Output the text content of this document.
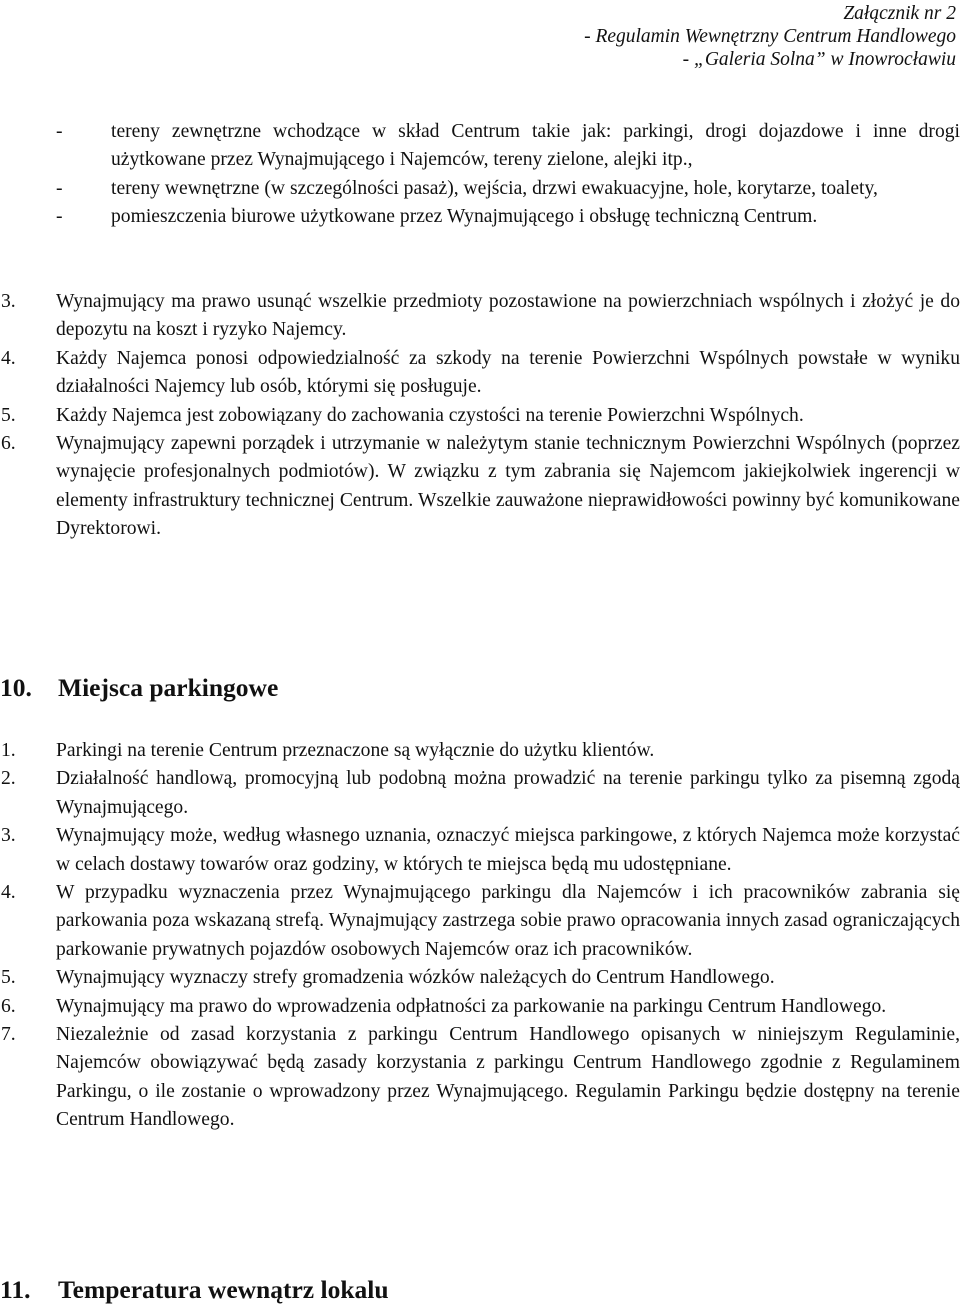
Załącznik nr 2
- Regulamin Wewnętrzny Centrum Handlowego
- „Galeria Solna” w Inowrocławiu
-	tereny zewnętrzne wchodzące w skład Centrum takie jak: parkingi, drogi dojazdowe i inne drogi użytkowane przez Wynajmującego i Najemców, tereny zielone, alejki itp.,
-	tereny wewnętrzne (w szczególności pasaż), wejścia, drzwi ewakuacyjne, hole, korytarze, toalety,
-	pomieszczenia biurowe użytkowane przez Wynajmującego i obsługę techniczną Centrum.
3.	Wynajmujący ma prawo usunąć wszelkie przedmioty pozostawione na powierzchniach wspólnych i złożyć je do depozytu na koszt i ryzyko Najemcy.
4.	Każdy Najemca ponosi odpowiedzialność za szkody na terenie Powierzchni Wspólnych powstałe w wyniku działalności Najemcy lub osób, którymi się posługuje.
5.	Każdy Najemca jest zobowiązany do zachowania czystości na terenie Powierzchni Wspólnych.
6.	Wynajmujący zapewni porządek i utrzymanie w należytym stanie technicznym Powierzchni Wspólnych (poprzez wynajęcie profesjonalnych podmiotów). W związku z tym zabrania się Najemcom jakiejkolwiek ingerencji w elementy infrastruktury technicznej Centrum. Wszelkie zauważone nieprawidłowości powinny być komunikowane Dyrektorowi.
10. Miejsca parkingowe
1.	Parkingi na terenie Centrum przeznaczone są wyłącznie do użytku klientów.
2.	Działalność handlową, promocyjną lub podobną można prowadzić na terenie parkingu tylko za pisemną zgodą Wynajmującego.
3.	Wynajmujący może, według własnego uznania, oznaczyć miejsca parkingowe, z których Najemca może korzystać w celach dostawy towarów oraz godziny, w których te miejsca będą mu udostępniane.
4.	W przypadku wyznaczenia przez Wynajmującego parkingu dla Najemców i ich pracowników zabrania się parkowania poza wskazaną strefą. Wynajmujący zastrzega sobie prawo opracowania innych zasad ograniczających parkowanie prywatnych pojazdów osobowych Najemców oraz ich pracowników.
5.	Wynajmujący wyznaczy strefy gromadzenia wózków należących do Centrum Handlowego.
6.	Wynajmujący ma prawo do wprowadzenia odpłatności za parkowanie na parkingu Centrum Handlowego.
7.	Niezależnie od zasad korzystania z parkingu Centrum Handlowego opisanych w niniejszym Regulaminie, Najemców obowiązywać będą zasady korzystania z parkingu Centrum Handlowego zgodnie z Regulaminem Parkingu, o ile zostanie o wprowadzony przez Wynajmującego. Regulamin Parkingu będzie dostępny na terenie Centrum Handlowego.
11. Temperatura wewnątrz lokalu
